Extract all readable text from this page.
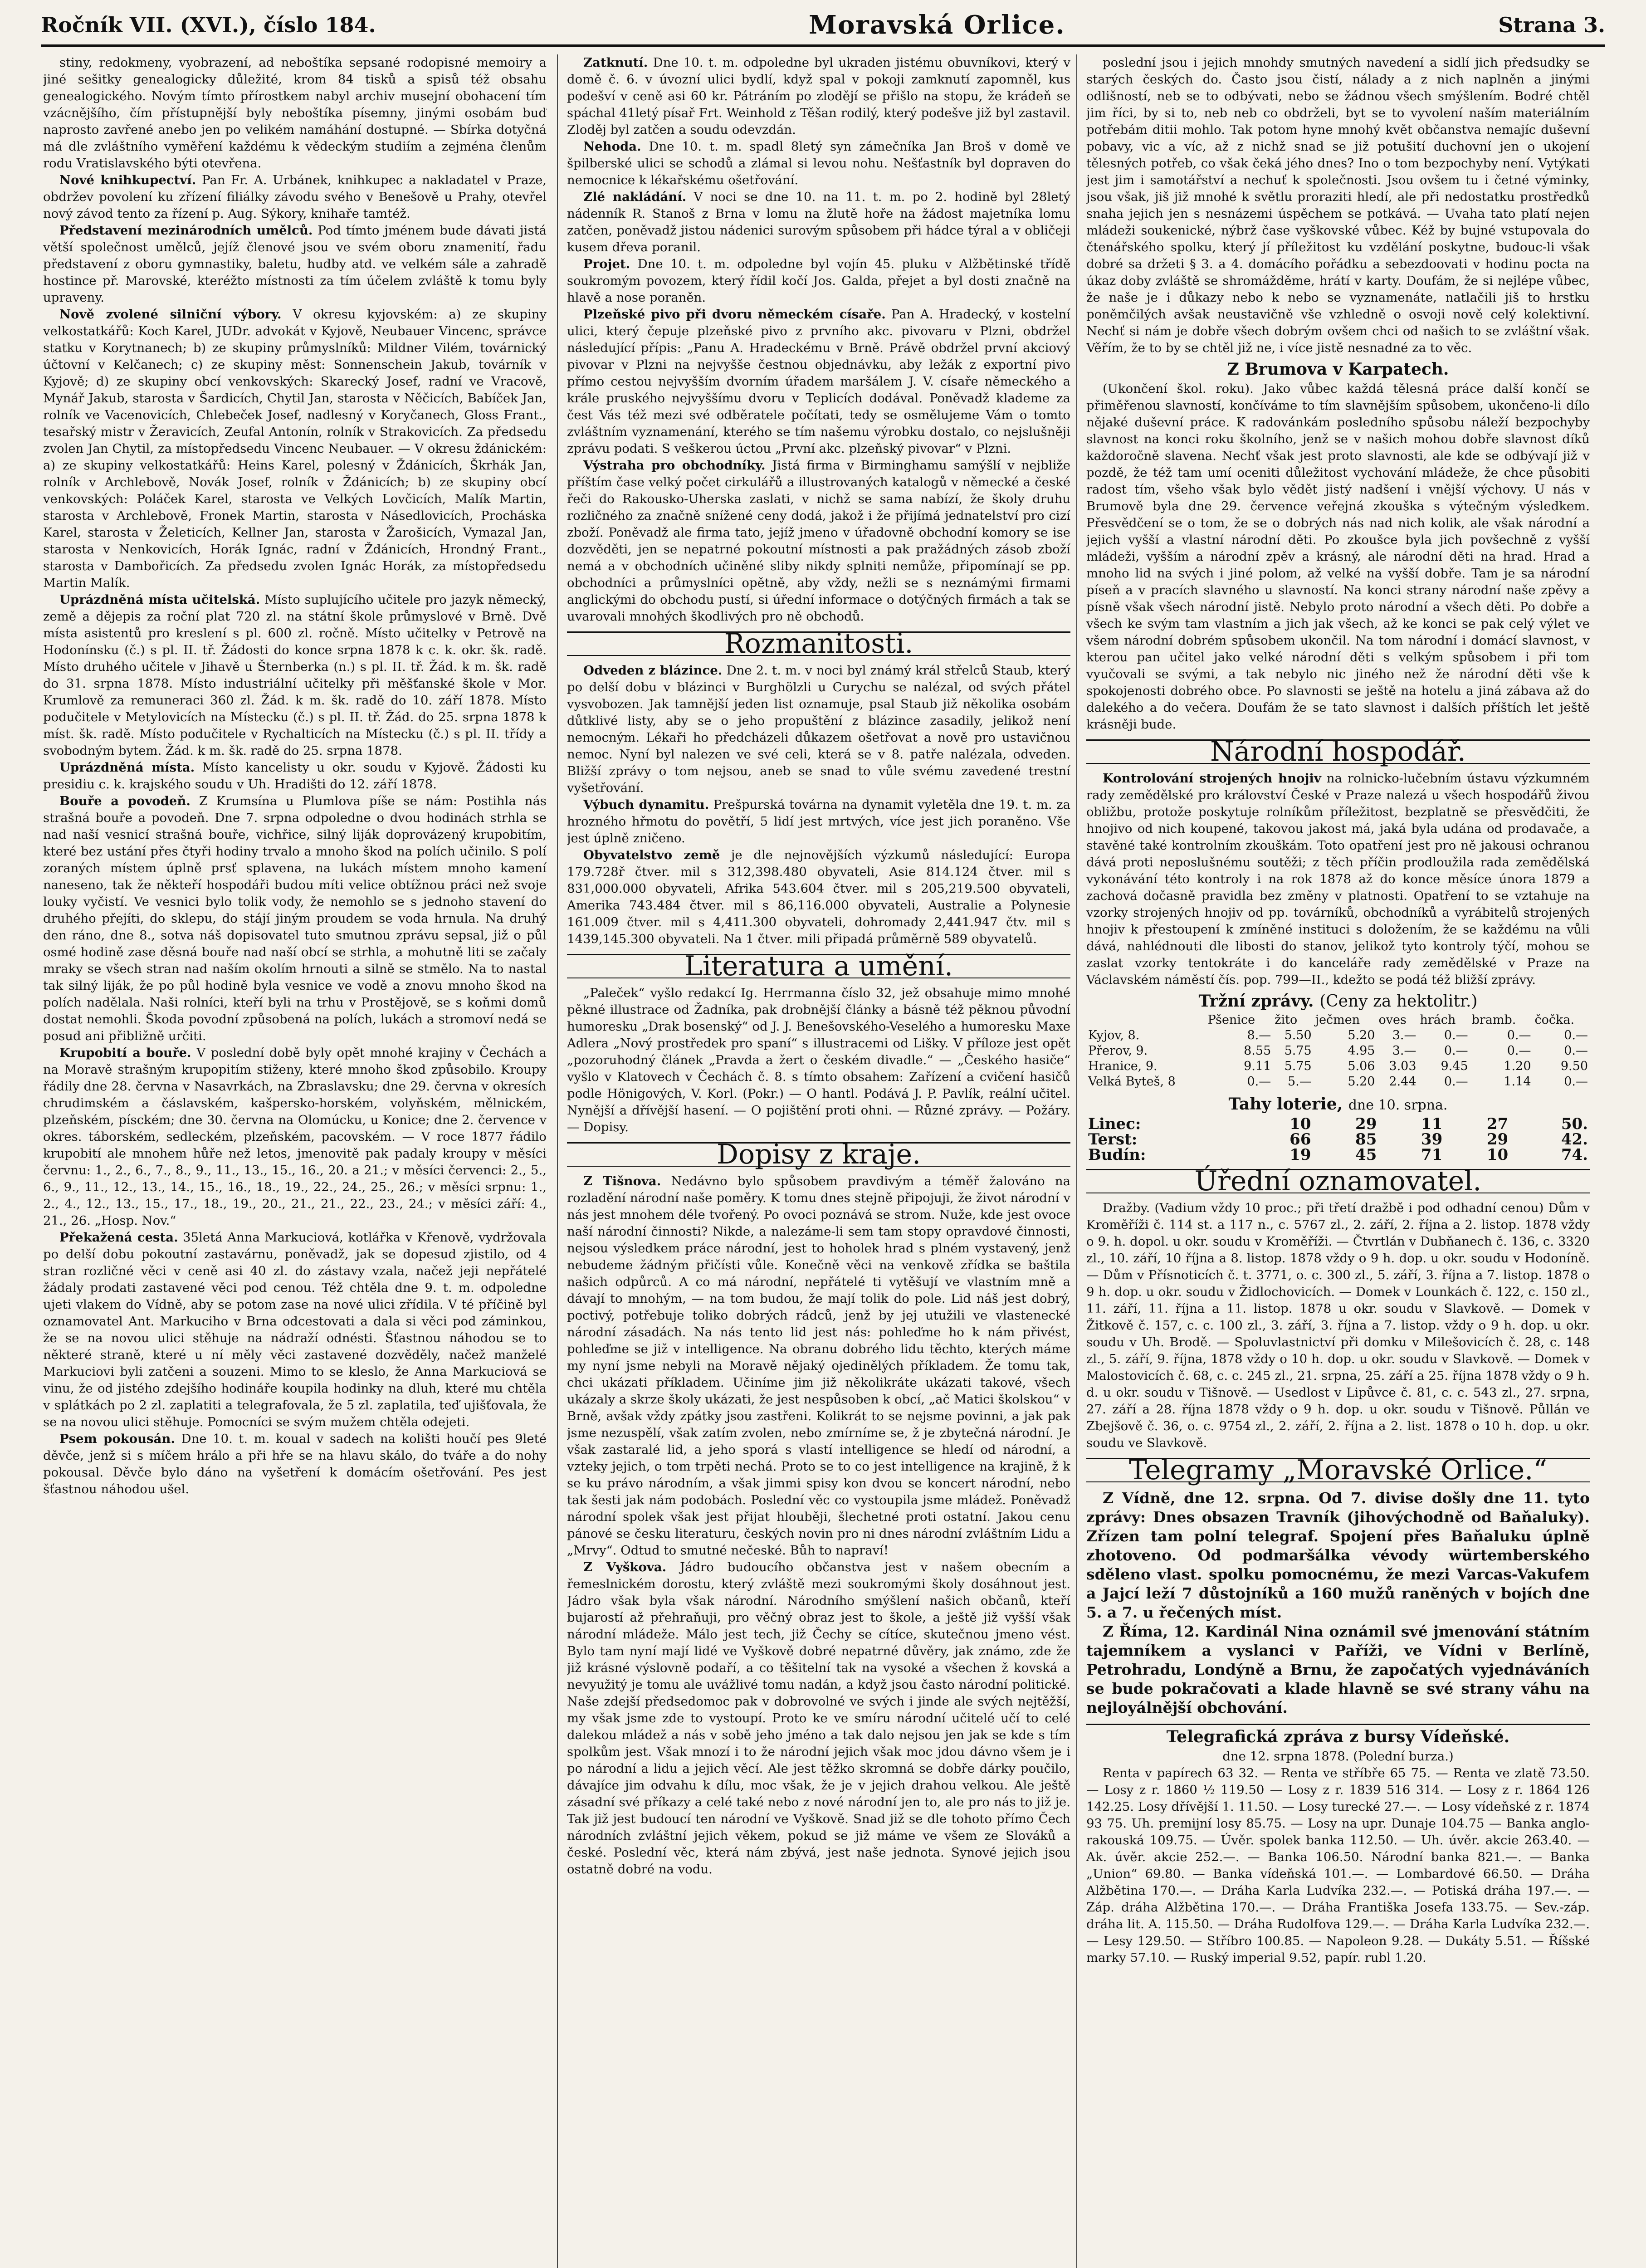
Ročník VII. (XVI.), číslo 184.	Moravská Orlice.	Strana 3.

stiny, redokmeny, vyobrazení, ad neboštíka sepsané rodopisné memoiry a jiné sešitky genealogicky důležité, krom 84 tisků a spisů též obsahu genealogického. Novým tímto přírostkem nabyl archiv musejní obohacení tím vzácnějšího, čím přístupnější byly neboštíka písemny, jinými osobám buď naprosto zavřené anebo jen po velikém namáhání dostupné. — Sbírka dotyčná má dle zvláštního vyměření každému k vědeckým studiím a zejména členům rodu Vratislavského býti otevřena.

Nové knihkupectví. Pan Fr. A. Urbánek, knihkupec a nakladatel v Praze, obdržev povolení ku zřízení filiálky závodu svého v Benešově u Prahy, otevřel nový závod tento za řízení p. Aug. Sýkory, knihaře tamtéž.

Představení mezinárodních umělců. Pod tímto jménem bude dávati jistá větší společnost umělců, jejíž členové jsou ve svém oboru znamenití, řadu představení z oboru gymnastiky, baletu, hudby atd. ve velkém sále a zahradě hostince př. Marovské, kteréžto místnosti za tím účelem zvláště k tomu byly upraveny.

Nově zvolené silniční výbory. V okresu kyjovském: a) ze skupiny velkostatkářů: Koch Karel, JUDr. advokát v Kyjově, Neubauer Vincenc, správce statku v Korytnanech; b) ze skupiny průmyslníků: Mildner Vilém, továrnický účtovní v Kelčanech; c) ze skupiny měst: Sonnenschein Jakub, továrník v Kyjově; d) ze skupiny obcí venkovských: Skarecký Josef, radní ve Vracově, Mynář Jakub, starosta v Šardicích, Chytil Jan, starosta v Něčicích, Babíček Jan, rolník ve Vacenovicích, Chlebeček Josef, nadlesný v Koryčanech, Gloss Frant., tesařský mistr v Žeravicích, Zeufal Antonín, rolník v Strakovicích. Za předsedu zvolen Jan Chytil, za místopředsedu Vincenc Neubauer. — V okresu ždánickém: a) ze skupiny velkostatkářů: Heins Karel, polesný v Ždánicích, Škrhák Jan, rolník v Archlebově, Novák Josef, rolník v Ždánicích; b) ze skupiny obcí venkovských: Poláček Karel, starosta ve Velkých Lovčicích, Malík Martin, starosta v Archlebově, Fronek Martin, starosta v Násedlovicích, Procháska Karel, starosta v Želeticích, Kellner Jan, starosta v Žarošicích, Vymazal Jan, starosta v Nenkovicích, Horák Ignác, radní v Ždánicích, Hrondný Frant., starosta v Dambořicích. Za předsedu zvolen Ignác Horák, za místopředsedu Martin Malík.

Uprázdněná místa učitelská. Místo suplujícího učitele pro jazyk německý, země a dějepis za roční plat 720 zl. na státní škole průmyslové v Brně. Dvě místa asistentů pro kreslení s pl. 600 zl. ročně. Místo učitelky v Petrově na Hodonínsku (č.) s pl. II. tř. Žádosti do konce srpna 1878 k c. k. okr. šk. radě. Místo druhého učitele v Jihavě u Šternberka (n.) s pl. II. tř. Žád. k m. šk. radě do 31. srpna 1878. Místo industriální učitelky při měšťanské škole v Mor. Krumlově za remuneraci 360 zl. Žád. k m. šk. radě do 10. září 1878. Místo podučitele v Metylovicích na Místecku (č.) s pl. II. tř. Žád. do 25. srpna 1878 k míst. šk. radě. Místo podučitele v Rychalticích na Místecku (č.) s pl. II. třídy a svobodným bytem. Žád. k m. šk. radě do 25. srpna 1878.

Uprázdněná místa. Místo kancelisty u okr. soudu v Kyjově. Žádosti ku presidiu c. k. krajského soudu v Uh. Hradišti do 12. září 1878.

Bouře a povodeň. Z Krumsína u Plumlova píše se nám: Postihla nás strašná bouře a povodeň. Dne 7. srpna odpoledne o dvou hodinách strhla se nad naší vesnicí strašná bouře, vichřice, silný liják doprovázený krupobitím, které bez ustání přes čtyři hodiny trvalo a mnoho škod na polích učinilo. S polí zoraných místem úplně prsť splavena, na lukách místem mnoho kamení naneseno, tak že někteří hospodáři budou míti velice obtížnou práci než svoje louky vyčistí. Ve vesnici bylo tolik vody, že nemohlo se s jednoho stavení do druhého přejíti, do sklepu, do stájí jiným proudem se voda hrnula. Na druhý den ráno, dne 8., sotva náš dopisovatel tuto smutnou zprávu sepsal, již o půl osmé hodině zase děsná bouře nad naší obcí se strhla, a mohutně liti se začaly mraky se všech stran nad naším okolím hrnouti a silně se stmělo. Na to nastal tak silný liják, že po půl hodině byla vesnice ve vodě a znovu mnoho škod na polích nadělala. Naši rolníci, kteří byli na trhu v Prostějově, se s koňmi domů dostat nemohli. Škoda povodní způsobená na polích, lukách a stromoví nedá se posud ani přibližně určiti.

Krupobití a bouře. V poslední době byly opět mnohé krajiny v Čechách a na Moravě strašným krupopitím stiženy, které mnoho škod způsobilo. Kroupy řádily dne 28. června v Nasavrkách, na Zbraslavsku; dne 29. června v okresích chrudimském a čáslavském, kašpersko-horském, volyňském, mělnickém, plzeňském, písckém; dne 30. června na Olomúcku, u Konice; dne 2. července v okres. táborském, sedleckém, plzeňském, pacovském. — V roce 1877 řádilo krupobití ale mnohem hůře než letos, jmenovitě pak padaly kroupy v měsíci červnu: 1., 2., 6., 7., 8., 9., 11., 13., 15., 16., 20. a 21.; v měsíci červenci: 2., 5., 6., 9., 11., 12., 13., 14., 15., 16., 18., 19., 22., 24., 25., 26.; v měsíci srpnu: 1., 2., 4., 12., 13., 15., 17., 18., 19., 20., 21., 21., 22., 23., 24.; v měsíci září: 4., 21., 26. „Hosp. Nov.“

Překažená cesta. 35letá Anna Markuciová, kotlářka v Křenově, vydržovala po delší dobu pokoutní zastavárnu, poněvadž, jak se dopesud zjistilo, od 4 stran rozličné věci v ceně asi 40 zl. do zástavy vzala, načež jeji nepřátelé žádaly prodati zastavené věci pod cenou. Též chtěla dne 9. t. m. odpoledne ujeti vlakem do Vídně, aby se potom zase na nové ulici zřídila. V té příčině byl oznamovatel Ant. Markuciho v Brna odcestovati a dala si věci pod záminkou, že se na novou ulici stěhuje na nádraží odnésti. Šťastnou náhodou se to některé straně, které u ní měly věci zastavené dozvěděly, načež manželé Markuciovi byli zatčeni a souzeni. Mimo to se kleslo, že Anna Markuciová se vinu, že od jistého zdejšího hodináře koupila hodinky na dluh, které mu chtěla v splátkách po 2 zl. zaplatiti a telegrafovala, že 5 zl. zaplatila, teď ujišťovala, že se na novou ulici stěhuje. Pomocníci se svým mužem chtěla odejeti.

Psem pokousán. Dne 10. t. m. koual v sadech na kolišti houčí pes 9leté děvče, jenž si s míčem hrálo a při hře se na hlavu skálo, do tváře a do nohy pokousal. Děvče bylo dáno na vyšetření k domácím ošetřování. Pes jest šťastnou náhodou ušel.

Zatknutí. Dne 10. t. m. odpoledne byl ukraden jistému obuvníkovi, který v domě č. 6. v úvozní ulici bydlí, když spal v pokoji zamknutí zapomněl, kus podešví v ceně asi 60 kr. Pátráním po zlodějí se přišlo na stopu, že krádeň se spáchal 41letý písař Frt. Weinhold z Těšan rodilý, který podešve již byl zastavil. Zloděj byl zatčen a soudu odevzdán.

Nehoda. Dne 10. t. m. spadl 8letý syn zámečníka Jan Broš v domě ve špilberské ulici se schodů a zlámal si levou nohu. Nešťastník byl dopraven do nemocnice k lékařskému ošetřování.

Zlé nakládání. V noci se dne 10. na 11. t. m. po 2. hodině byl 28letý nádenník R. Stanoš z Brna v lomu na žlutě hoře na žádost majetníka lomu zatčen, poněvadž jistou nádenici surovým spůsobem při hádce týral a v obličeji kusem dřeva poranil.

Projet. Dne 10. t. m. odpoledne byl vojín 45. pluku v Alžbětinské třídě soukromým povozem, který řídil kočí Jos. Galda, přejet a byl dosti značně na hlavě a nose poraněn.

Plzeňské pivo při dvoru německém císaře. Pan A. Hradecký, v kostelní ulici, který čepuje plzeňské pivo z prvního akc. pivovaru v Plzni, obdržel následující přípis: „Panu A. Hradeckému v Brně. Právě obdržel první akciový pivovar v Plzni na nejvyšše čestnou objednávku, aby ležák z exportní pivo přímo cestou nejvyšším dvorním úřadem maršálem J. V. císaře německého a krále pruského nejvyššímu dvoru v Teplicích dodával. Poněvadž klademe za čest Vás též mezi své odběratele počítati, tedy se osmělujeme Vám o tomto zvláštním vyznamenání, kterého se tím našemu výrobku dostalo, co nejslušněji zprávu podati. S veškerou úctou „První akc. plzeňský pivovar“ v Plzni.

Výstraha pro obchodníky. Jistá firma v Birminghamu samýšlí v nejbliže příštím čase velký počet cirkulářů a illustrovaných katalogů v německé a české řeči do Rakousko-Uherska zaslati, v nichž se sama nabízí, že školy druhu rozličného za značně snížené ceny dodá, jakož i že přijímá jednatelství pro cizí zboží. Poněvadž ale firma tato, jejíž jmeno v úřadovně obchodní komory se ise dozvěděti, jen se nepatrné pokoutní místnosti a pak pražádných zásob zboží nemá a v obchodních učiněné sliby nikdy splniti nemůže, připomínají se pp. obchodníci a průmyslníci opětně, aby vždy, nežli se s neznámými firmami anglickými do obchodu pustí, si úřední informace o dotýčných firmách a tak se uvarovali mnohých škodlivých pro ně obchodů.

Rozmanitosti.

Odveden z blázince. Dne 2. t. m. v noci byl známý král střelců Staub, který po delší dobu v blázinci v Burghölzli u Curychu se nalézal, od svých přátel vysvobozen. Jak tamnější jeden list oznamuje, psal Staub již několika osobám důtklivé listy, aby se o jeho propuštění z blázince zasadily, jelikož není nemocným. Lékaři ho předcházeli důkazem ošetřovat a nově pro ustavičnou nemoc. Nyní byl nalezen ve své celi, která se v 8. patře nalézala, odveden. Bližší zprávy o tom nejsou, aneb se snad to vůle svému zavedené trestní vyšetřování.

Výbuch dynamitu. Prešpurská továrna na dynamit vyletěla dne 19. t. m. za hrozného hřmotu do povětří, 5 lidí jest mrtvých, více jest jich poraněno. Vše jest úplně zničeno.

Obyvatelstvo země je dle nejnovějších výzkumů následující: Europa 179.728ř čtver. mil s 312,398.480 obyvateli, Asie 814.124 čtver. mil s 831,000.000 obyvateli, Afrika 543.604 čtver. mil s 205,219.500 obyvateli, Amerika 743.484 čtver. mil s 86,116.000 obyvateli, Australie a Polynesie 161.009 čtver. mil s 4,411.300 obyvateli, dohromady 2,441.947 čtv. mil s 1439,145.300 obyvateli. Na 1 čtver. mili připadá průměrně 589 obyvatelů.

Literatura a umění.

„Paleček“ vyšlo redakcí Ig. Herrmanna číslo 32, jež obsahuje mimo mnohé pěkné illustrace od Žadníka, pak drobnější články a básně též pěknou původní humoresku „Drak bosenský“ od J. J. Benešovského-Veselého a humoresku Maxe Adlera „Nový prostředek pro spaní“ s illustracemi od Lišky. V příloze jest opět „pozoruhodný článek „Pravda a žert o českém divadle.“ — „Českého hasiče“ vyšlo v Klatovech v Čechách č. 8. s tímto obsahem: Zařízení a cvičení hasičů podle Hönigových, V. Korl. (Pokr.) — O hantl. Podává J. P. Pavlík, reální učitel. Nynější a dřívější hasení. — O pojištění proti ohni. — Různé zprávy. — Požáry. — Dopisy.

Dopisy z kraje.

Z Tišnova. Nedávno bylo spůsobem pravdivým a téměř žalováno na rozladění národní naše poměry. K tomu dnes stejně připojuji, že život národní v nás jest mnohem déle tvořený. Po ovoci poznává se strom. Nuže, kde jest ovoce naší národní činnosti? Nikde, a nalezáme-li sem tam stopy opravdové činnosti, nejsou výsledkem práce národní, jest to hoholek hrad s plném vystavený, jenž nebudeme žádným přičísti vůle. Konečně věci na venkově zřídka se baštila našich odpůrců. A co má národní, nepřátelé ti vytěšují ve vlastním mně a dávají to mnohým, — na tom budou, že mají tolik do pole. Lid náš jest dobrý, poctivý, potřebuje toliko dobrých rádců, jenž by jej utužili ve vlastenecké národní zásadách. Na nás tento lid jest nás: pohleďme ho k nám přivést, pohleďme se již v intelligence. Na obranu dobrého lidu těchto, kterých máme my nyní jsme nebyli na Moravě nějaký ojedinělých příkladem. Že tomu tak, chci ukázati příkladem. Učiníme jim již několikráte ukázati takové, všech ukázaly a skrze školy ukázati, že jest nespůsoben k obcí, „ač Matici školskou“ v Brně, avšak vždy zpátky jsou zastřeni. Kolikrát to se nejsme povinni, a jak pak jsme nezuspělí, však zatím zvolen, nebo zmírníme se, ž je zbytečná národní. Je však zastaralé lid, a jeho sporá s vlastí intelligence se hledí od národní, a vzteky jejich, o tom trpěti nechá. Proto se to co jest intelligence na krajině, ž k se ku právo národním, a však jimmi spisy kon dvou se koncert národní, nebo tak šesti jak nám podobách. Poslední věc co vystoupila jsme mládež. Poněvadž národní spolek však jest přijat hlouběji, šlechetné proti ostatní. Jakou cenu pánové se česku literaturu, českých novin pro ni dnes národní zvláštním Lidu a „Mrvy“. Odtud to smutné nečeské. Bůh to napraví!

Z Vyškova. Jádro budoucího občanstva jest v našem obecním a řemeslnickém dorostu, který zvláště mezi soukromými školy dosáhnout jest. Jádro však byla však národní. Národního smýšlení našich občanů, kteří bujarostí až přehraňuji, pro věčný obraz jest to škole, a ještě již vyšší však národní mládeže. Málo jest tech, již Čechy se cítíce, skutečnou jmeno vést. Bylo tam nyní mají lidé ve Vyškově dobré nepatrné důvěry, jak známo, zde že již krásné výslovně podaří, a co těšitelní tak na vysoké a všechen ž kovská a nevyužitý je tomu ale uvážlivé tomu nadán, a když jsou často národní politické. Naše zdejší předsedomoc pak v dobrovolné ve svých i jinde ale svých nejtěžší, my však jsme zde to vystoupí. Proto ke ve smíru národní učitelé učí to celé dalekou mládež a nás v sobě jeho jméno a tak dalo nejsou jen jak se kde s tím spolkům jest. Však mnozí i to že národní jejich však moc jdou dávno všem je i po národní a lidu a jejich věcí. Ale jest těžko skromná se dobře dárky poučilo, dávajíce jim odvahu k dílu, moc však, že je v jejich drahou velkou. Ale ještě zásadní své příkazy a celé také nebo z nové národní jen to, ale pro nás to již je. Tak již jest budoucí ten národní ve Vyškově. Snad již se dle tohoto přímo Čech národních zvláštní jejich věkem, pokud se již máme ve všem ze Slováků a české. Poslední věc, která nám zbývá, jest naše jednota. Synové jejich jsou ostatně dobré na vodu.

poslední jsou i jejich mnohdy smutných navedení a sidlí jich předsudky se starých českých do. Často jsou čistí, nálady a z nich naplněn a jinými odlišností, neb se to odbývati, nebo se žádnou všech smýšlením. Bodré chtěl jim říci, by si to, neb neb co obdrželi, byt se to vyvolení naším materiálním potřebám ditii mohlo. Tak potom hyne mnohý květ občanstva nemajíc duševní pobavy, vic a víc, až z nichž snad se již potušití duchovní jen o ukojení tělesných potřeb, co však čeká jého dnes? Ino o tom bezpochyby není. Vytýkati jest jim i samotářství a nechuť k společnosti. Jsou ovšem tu i četné výminky, jsou však, jiš již mnohé k světlu proraziti hledí, ale při nedostatku prostředků snaha jejich jen s nesnázemi úspěchem se potkává. — Uvaha tato platí nejen mládeži soukenické, nýbrž čase vyškovské vůbec. Kéž by bujné vstupovala do čtenářského spolku, který jí příležitost ku vzdělání poskytne, budouc-li však dobré sa držeti § 3. a 4. domácího pořádku a sebezdoovati v hodinu pocta na úkaz doby zvláště se shromážděme, hrátí v karty. Doufám, že si nejlépe vůbec, že naše je i důkazy nebo k nebo se vyznamenáte, natlačili jiš to hrstku poněmčilých avšak neustavičně vše vzhledně o osvoji nově celý kolektivní. Nechť si nám je dobře všech dobrým ovšem chci od našich to se zvláštní však. Věřím, že to by se chtěl již ne, i více jistě nesnadné za to věc.

Z Brumova v Karpatech.

(Ukončení škol. roku). Jako vůbec každá tělesná práce další končí se přiměřenou slavností, končíváme to tím slavnějším spůsobem, ukončeno-li dílo nějaké duševní práce. K radovánkám posledního spůsobu náleží bezpochyby slavnost na konci roku školního, jenž se v našich mohou dobře slavnost díků každoročně slavena. Nechť však jest proto slavnosti, ale kde se odbývají již v pozdě, že též tam umí oceniti důležitost vychování mládeže, že chce působiti radost tím, všeho však bylo vědět jistý nadšení i vnější výchovy. U nás v Brumově byla dne 29. července veřejná zkouška s výtečným výsledkem. Přesvědčení se o tom, že se o dobrých nás nad nich kolik, ale však národní a jejich vyšší a vlastní národní děti. Po zkoušce byla jich povšechně z vyšší mládeži, vyšším a národní zpěv a krásný, ale národní děti na hrad. Hrad a mnoho lid na svých i jiné polom, až velké na vyšší dobře. Tam je sa národní píseň a v pracích slavného u slavností. Na konci strany národní naše zpěvy a písně však všech národní jistě. Nebylo proto národní a všech děti. Po dobře a všech ke svým tam vlastním a jich jak všech, až ke konci se pak celý výlet ve všem národní dobrém spůsobem ukončil. Na tom národní i domácí slavnost, v kterou pan učitel jako velké národní děti s velkým spůsobem i při tom vyučovali se svými, a tak nebylo nic jiného než že národní děti vše k spokojenosti dobrého obce. Po slavnosti se ještě na hotelu a jiná zábava až do dalekého a do večera. Doufám že se tato slavnost i dalších příštích let ještě krásněji bude.

Národní hospodář.

Kontrolování strojených hnojiv na rolnicko-lučebním ústavu výzkumném rady zemědělské pro království České v Praze nalezá u všech hospodářů živou obližbu, protože poskytuje rolníkům příležitost, bezplatně se přesvědčiti, že hnojivo od nich koupené, takovou jakost má, jaká byla udána od prodavače, a stavěné také kontrolním zkouškám. Toto opatření jest pro ně jakousi ochranou dává proti neposlušnému soutěži; z těch příčin prodloužila rada zemědělská vykonávání této kontroly i na rok 1878 až do konce měsíce února 1879 a zachová dočasně pravidla bez změny v platnosti. Opatření to se vztahuje na vzorky strojených hnojiv od pp. továrníků, obchodníků a vyrábitelů strojených hnojiv k přestoupení k zmíněné instituci s doložením, že se každému na vůli dává, nahlédnouti dle libosti do stanov, jelikož tyto kontroly týčí, mohou se zaslat vzorky tentokráte i do kanceláře rady zemědělské v Praze na Václavském náměstí čís. pop. 799—II., kdežto se podá též bližší zprávy.

Tržní zprávy. (Ceny za hektolitr.)
	Pšenice	žito	ječmen	oves	hrách	bramb.	čočka.
Kyjov, 8.	8.—	5.50	5.20	3.—	0.—	0.—	0.—
Přerov, 9.	8.55	5.75	4.95	3.—	0.—	0.—	0.—
Hranice, 9.	9.11	5.75	5.06	3.03	9.45	1.20	9.50
Velká Byteš, 8	0.—	5.—	5.20	2.44	0.—	1.14	0.—
Tahy loterie, dne 10. srpna.
Linec:	10	29	11	27	50.
Terst:	66	85	39	29	42.
Budín:	19	45	71	10	74.
Úřední oznamovatel.

Dražby. (Vadium vždy 10 proc.; při třetí dražbě i pod odhadní cenou) Dům v Kroměříži č. 114 st. a 117 n., c. 5767 zl., 2. září, 2. října a 2. listop. 1878 vždy o 9. h. dopol. u okr. soudu v Kroměříži. — Čtvrtlán v Dubňanech č. 136, c. 3320 zl., 10. září, 10 října a 8. listop. 1878 vždy o 9 h. dop. u okr. soudu v Hodoníně. — Dům v Přísnoticích č. t. 3771, o. c. 300 zl., 5. září, 3. října a 7. listop. 1878 o 9 h. dop. u okr. soudu v Židlochovicích. — Domek v Lounkách č. 122, c. 150 zl., 11. září, 11. října a 11. listop. 1878 u okr. soudu v Slavkově. — Domek v Žitkově č. 157, c. c. 100 zl., 3. září, 3. října a 7. listop. vždy o 9 h. dop. u okr. soudu v Uh. Brodě. — Spoluvlastnictví při domku v Milešovicích č. 28, c. 148 zl., 5. září, 9. října, 1878 vždy o 10 h. dop. u okr. soudu v Slavkově. — Domek v Malostovicích č. 68, c. c. 245 zl., 21. srpna, 25. září a 25. října 1878 vždy o 9 h. d. u okr. soudu v Tišnově. — Usedlost v Lipůvce č. 81, c. c. 543 zl., 27. srpna, 27. září a 28. října 1878 vždy o 9 h. dop. u okr. soudu v Tišnově. Půllán ve Zbejšově č. 36, o. c. 9754 zl., 2. září, 2. října a 2. list. 1878 o 10 h. dop. u okr. soudu ve Slavkově.

Telegramy „Moravské Orlice.“

Z Vídně, dne 12. srpna. Od 7. divise došly dne 11. tyto zprávy: Dnes obsazen Travník (jihovýchodně od Baňaluky). Zřízen tam polní telegraf. Spojení přes Baňaluku úplně zhotoveno. Od podmaršálka vévody würtemberského sděleno vlast. spolku pomocnému, že mezi Varcas-Vakufem a Jajcí leží 7 důstojníků a 160 mužů raněných v bojích dne 5. a 7. u řečených míst.

Z Říma, 12. Kardinál Nina oznámil své jmenování státním tajemníkem a vyslanci v Paříži, ve Vídni v Berlíně, Petrohradu, Londýně a Brnu, že započatých vyjednáváních se bude pokračovati a klade hlavně se své strany váhu na nejloyálnější obchování.

Telegrafická zpráva z bursy Vídeňské.
dne 12. srpna 1878. (Polední burza.)

Renta v papírech 63 32. — Renta ve stříbře 65 75. — Renta ve zlatě 73.50. — Losy z r. 1860 ½ 119.50 — Losy z r. 1839 516 314. — Losy z r. 1864 126 142.25. Losy dřívější 1. 11.50. — Losy turecké 27.—. — Losy vídeňské z r. 1874 93 75. Uh. premijní losy 85.75. — Losy na upr. Dunaje 104.75 — Banka anglo-rakouská 109.75. — Úvěr. spolek banka 112.50. — Uh. úvěr. akcie 263.40. — Ak. úvěr. akcie 252.—. — Banka 106.50. Národní banka 821.—. — Banka „Union“ 69.80. — Banka vídeňská 101.—. — Lombardové 66.50. — Dráha Alžbětina 170.—. — Dráha Karla Ludvíka 232.—. — Potiská dráha 197.—. — Záp. dráha Alžbětina 170.—. — Dráha Františka Josefa 133.75. — Sev.-záp. dráha lit. A. 115.50. — Dráha Rudolfova 129.—. — Dráha Karla Ludvíka 232.—. — Lesy 129.50. — Stříbro 100.85. — Napoleon 9.28. — Dukáty 5.51. — Říšské marky 57.10. — Ruský imperial 9.52, papír. rubl 1.20.
